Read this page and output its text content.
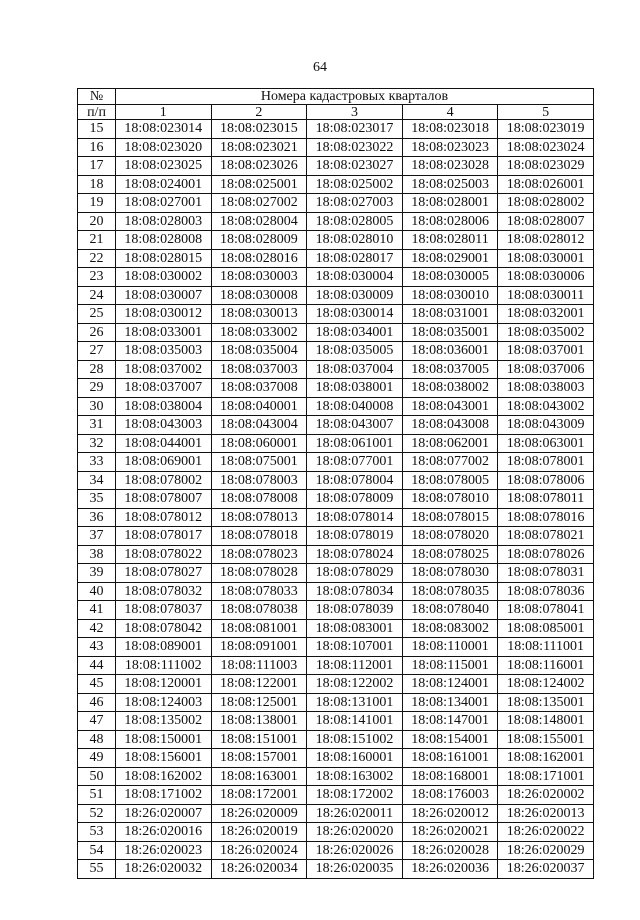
64
№	Номера кадастровых кварталов				
п/п	1	2	3	4	5
15	18:08:023014	18:08:023015	18:08:023017	18:08:023018	18:08:023019
16	18:08:023020	18:08:023021	18:08:023022	18:08:023023	18:08:023024
17	18:08:023025	18:08:023026	18:08:023027	18:08:023028	18:08:023029
18	18:08:024001	18:08:025001	18:08:025002	18:08:025003	18:08:026001
19	18:08:027001	18:08:027002	18:08:027003	18:08:028001	18:08:028002
20	18:08:028003	18:08:028004	18:08:028005	18:08:028006	18:08:028007
21	18:08:028008	18:08:028009	18:08:028010	18:08:028011	18:08:028012
22	18:08:028015	18:08:028016	18:08:028017	18:08:029001	18:08:030001
23	18:08:030002	18:08:030003	18:08:030004	18:08:030005	18:08:030006
24	18:08:030007	18:08:030008	18:08:030009	18:08:030010	18:08:030011
25	18:08:030012	18:08:030013	18:08:030014	18:08:031001	18:08:032001
26	18:08:033001	18:08:033002	18:08:034001	18:08:035001	18:08:035002
27	18:08:035003	18:08:035004	18:08:035005	18:08:036001	18:08:037001
28	18:08:037002	18:08:037003	18:08:037004	18:08:037005	18:08:037006
29	18:08:037007	18:08:037008	18:08:038001	18:08:038002	18:08:038003
30	18:08:038004	18:08:040001	18:08:040008	18:08:043001	18:08:043002
31	18:08:043003	18:08:043004	18:08:043007	18:08:043008	18:08:043009
32	18:08:044001	18:08:060001	18:08:061001	18:08:062001	18:08:063001
33	18:08:069001	18:08:075001	18:08:077001	18:08:077002	18:08:078001
34	18:08:078002	18:08:078003	18:08:078004	18:08:078005	18:08:078006
35	18:08:078007	18:08:078008	18:08:078009	18:08:078010	18:08:078011
36	18:08:078012	18:08:078013	18:08:078014	18:08:078015	18:08:078016
37	18:08:078017	18:08:078018	18:08:078019	18:08:078020	18:08:078021
38	18:08:078022	18:08:078023	18:08:078024	18:08:078025	18:08:078026
39	18:08:078027	18:08:078028	18:08:078029	18:08:078030	18:08:078031
40	18:08:078032	18:08:078033	18:08:078034	18:08:078035	18:08:078036
41	18:08:078037	18:08:078038	18:08:078039	18:08:078040	18:08:078041
42	18:08:078042	18:08:081001	18:08:083001	18:08:083002	18:08:085001
43	18:08:089001	18:08:091001	18:08:107001	18:08:110001	18:08:111001
44	18:08:111002	18:08:111003	18:08:112001	18:08:115001	18:08:116001
45	18:08:120001	18:08:122001	18:08:122002	18:08:124001	18:08:124002
46	18:08:124003	18:08:125001	18:08:131001	18:08:134001	18:08:135001
47	18:08:135002	18:08:138001	18:08:141001	18:08:147001	18:08:148001
48	18:08:150001	18:08:151001	18:08:151002	18:08:154001	18:08:155001
49	18:08:156001	18:08:157001	18:08:160001	18:08:161001	18:08:162001
50	18:08:162002	18:08:163001	18:08:163002	18:08:168001	18:08:171001
51	18:08:171002	18:08:172001	18:08:172002	18:08:176003	18:26:020002
52	18:26:020007	18:26:020009	18:26:020011	18:26:020012	18:26:020013
53	18:26:020016	18:26:020019	18:26:020020	18:26:020021	18:26:020022
54	18:26:020023	18:26:020024	18:26:020026	18:26:020028	18:26:020029
55	18:26:020032	18:26:020034	18:26:020035	18:26:020036	18:26:020037
